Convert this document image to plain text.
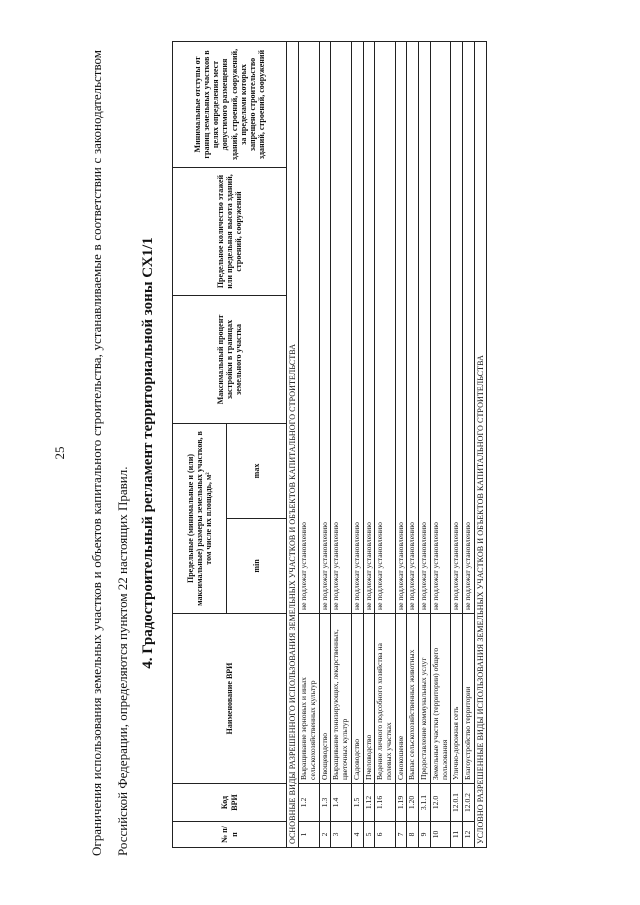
25	Ограничения использования земельных участков и объектов капитального строительства, устанавливаемые в соответствии с законодательством Российской Федерации, определяются пунктом 22 настоящих Правил. 4. Градостроительный регламент территориальной зоны СХ1/1
№ п/п	Код ВРИ	Наименование ВРИ	Предельные (минимальные и (или) максимальные) размеры земельных участков, в том числе их площадь, м²		Максимальный процент застройки в границах земельного участка	Предельное количество этажей или предельная высота зданий, строений, сооружений	Минимальные отступы от границ земельных участков в целях определения мест допустимого размещения зданий, строений, сооружений, за пределами которых запрещено строительство зданий, строений, сооружений
			min	max			
ОСНОВНЫЕ ВИДЫ РАЗРЕШЕННОГО ИСПОЛЬЗОВАНИЯ ЗЕМЕЛЬНЫХ УЧАСТКОВ И ОБЪЕКТОВ КАПИТАЛЬНОГО СТРОИТЕЛЬСТВА							
1	1.2	Выращивание зерновых и иных сельскохозяйственных культур	не подлежат установлению				
2	1.3	Овощеводство	не подлежат установлению				
3	1.4	Выращивание тонизирующих, лекарственных, цветочных культур	не подлежат установлению				
4	1.5	Садоводство	не подлежат установлению				
5	1.12	Пчеловодство	не подлежат установлению				
6	1.16	Ведение личного подсобного хозяйства на полевых участках	не подлежат установлению				
7	1.19	Сенокошение	не подлежат установлению				
8	1.20	Выпас сельскохозяйственных животных	не подлежат установлению				
9	3.1.1	Предоставление коммунальных услуг	не подлежат установлению				
10	12.0	Земельные участки (территории) общего пользования	не подлежат установлению				
11	12.0.1	Улично-дорожная сеть	не подлежат установлению				
12	12.0.2	Благоустройство территории	не подлежат установлению				
УСЛОВНО РАЗРЕШЕННЫЕ ВИДЫ ИСПОЛЬЗОВАНИЯ ЗЕМЕЛЬНЫХ УЧАСТКОВ И ОБЪЕКТОВ КАПИТАЛЬНОГО СТРОИТЕЛЬСТВА							
